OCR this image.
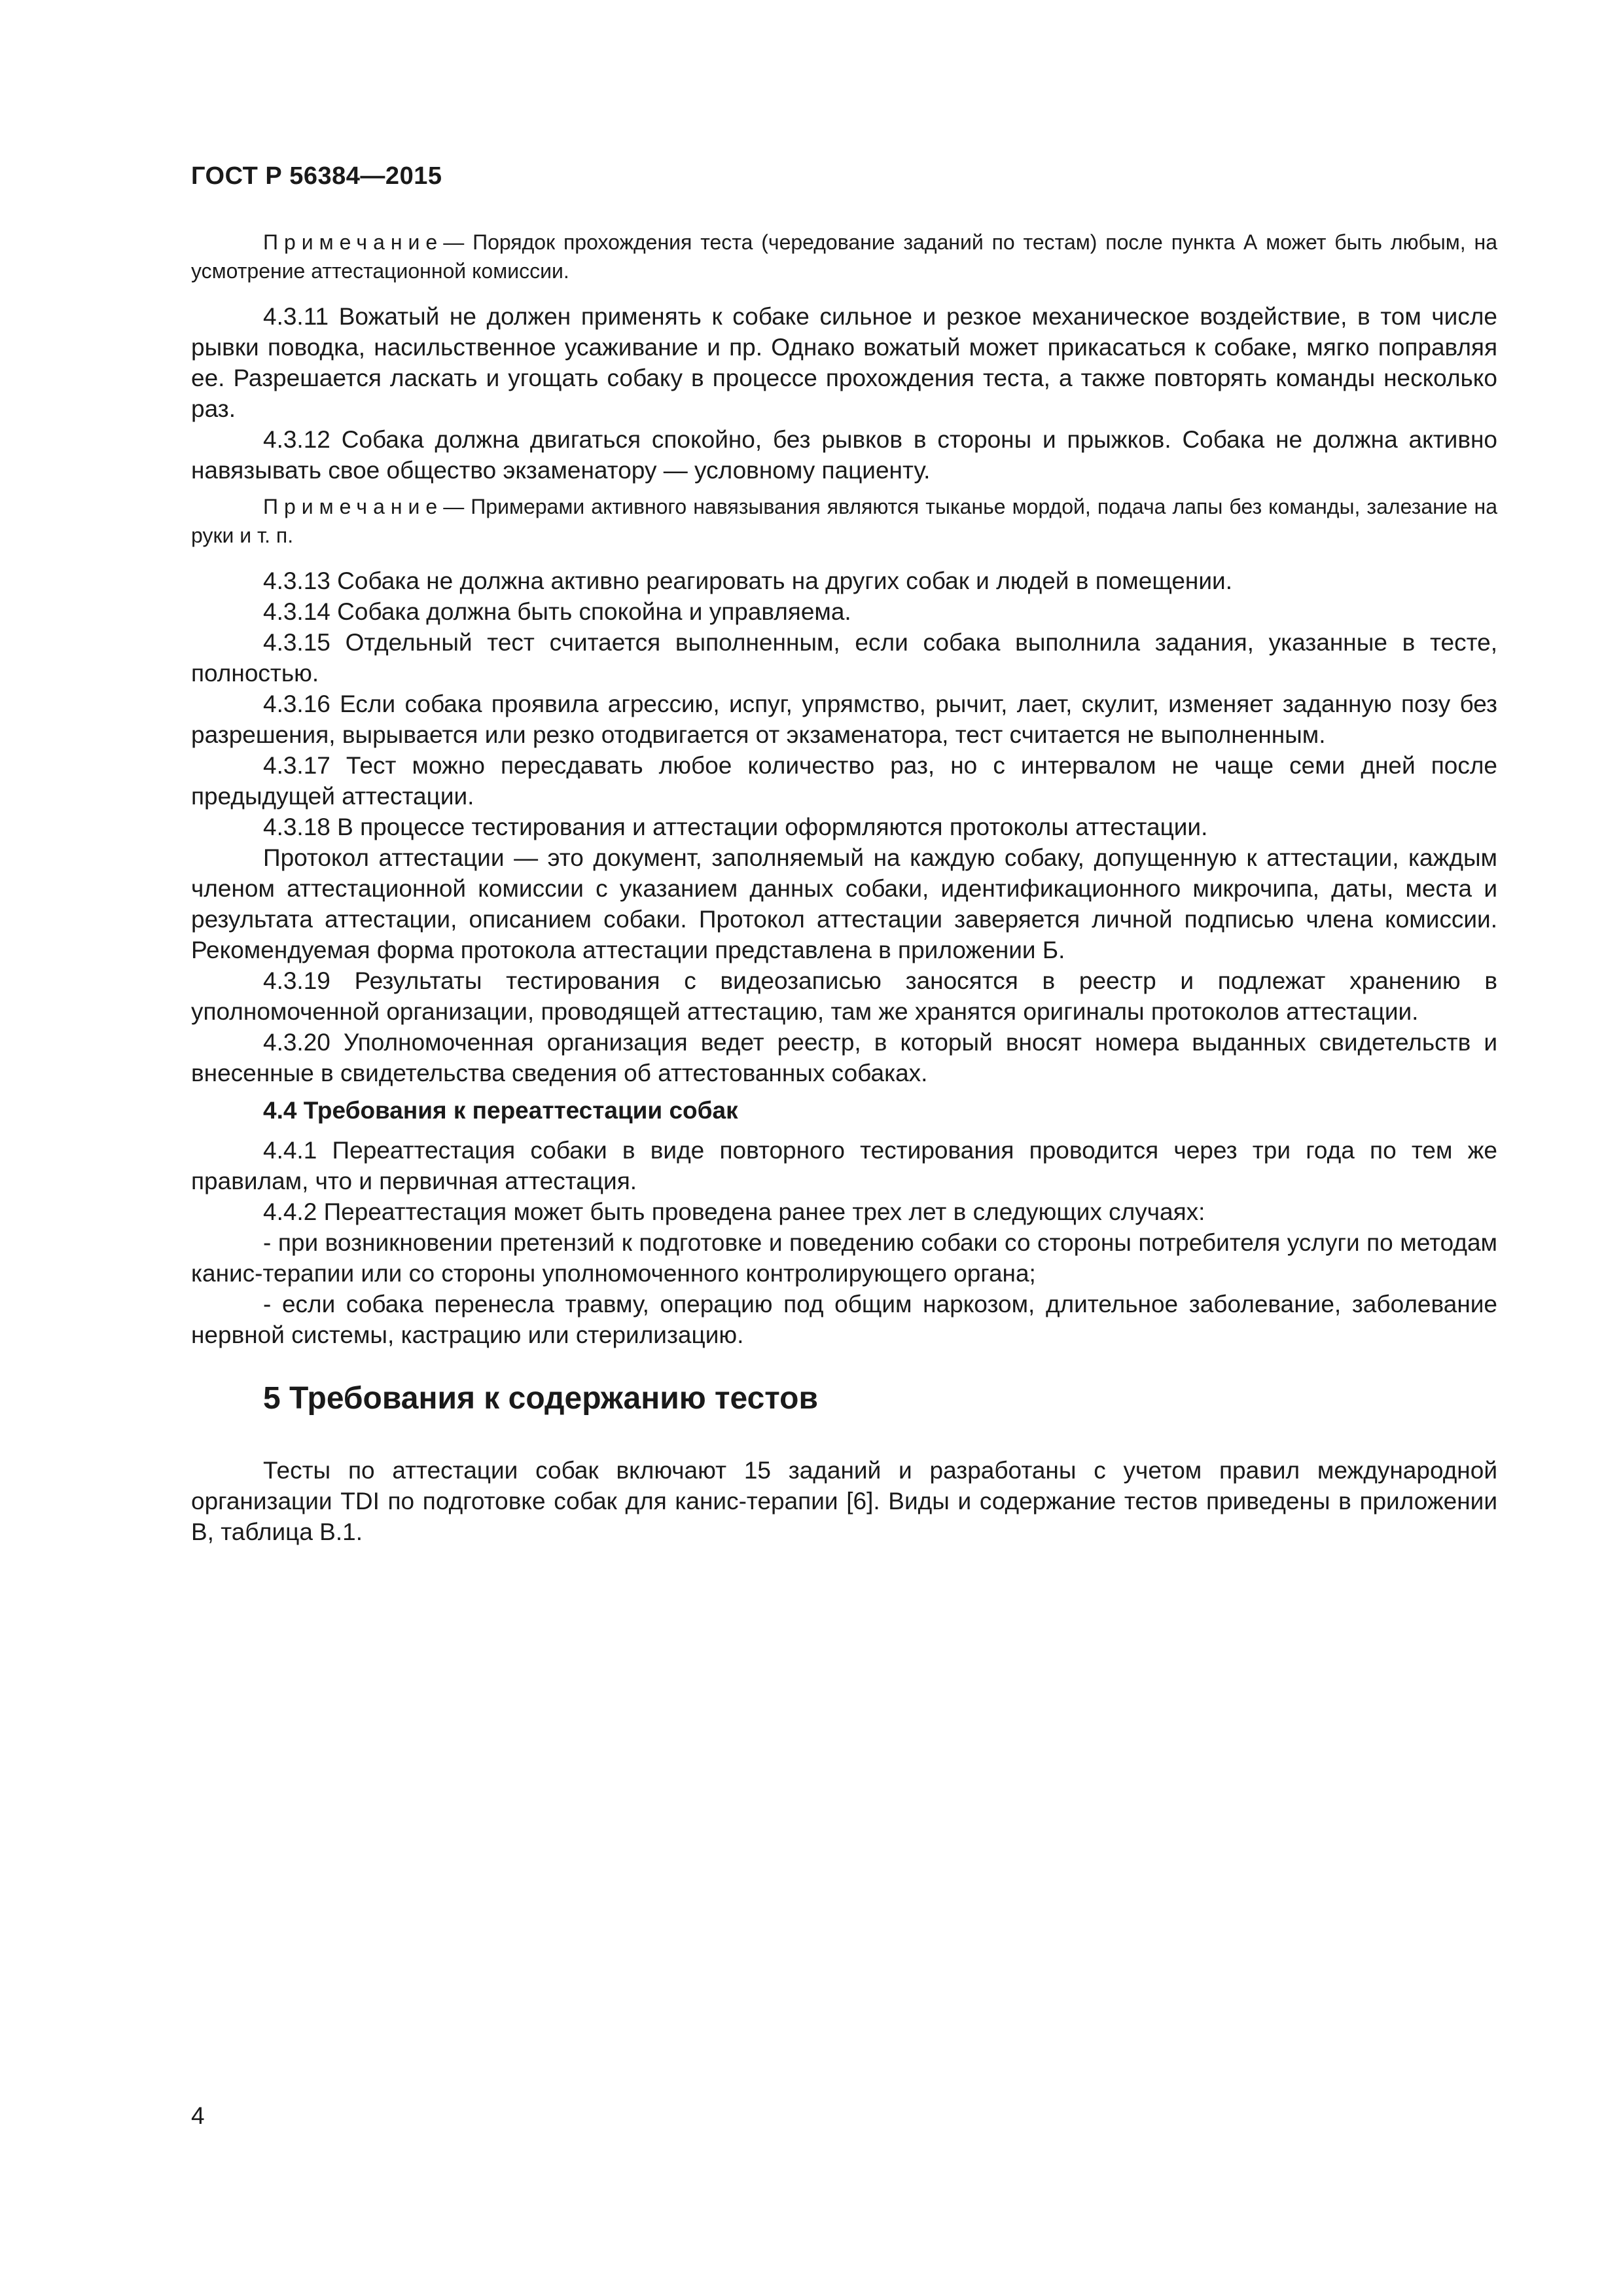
ГОСТ Р 56384—2015

Примечание— Порядок прохождения теста (чередование заданий по тестам) после пункта А может быть любым, на усмотрение аттестационной комиссии.

4.3.11 Вожатый не должен применять к собаке сильное и резкое механическое воздействие, в том числе рывки поводка, насильственное усаживание и пр. Однако вожатый может прикасаться к собаке, мягко поправляя ее. Разрешается ласкать и угощать собаку в процессе прохождения теста, а также повторять команды несколько раз.

4.3.12 Собака должна двигаться спокойно, без рывков в стороны и прыжков. Собака не должна активно навязывать свое общество экзаменатору — условному пациенту.

Примечание— Примерами активного навязывания являются тыканье мордой, подача лапы без команды, залезание на руки и т. п.

4.3.13 Собака не должна активно реагировать на других собак и людей в помещении.

4.3.14 Собака должна быть спокойна и управляема.

4.3.15 Отдельный тест считается выполненным, если собака выполнила задания, указанные в тесте, полностью.

4.3.16 Если собака проявила агрессию, испуг, упрямство, рычит, лает, скулит, изменяет заданную позу без разрешения, вырывается или резко отодвигается от экзаменатора, тест считается не выполненным.

4.3.17 Тест можно пересдавать любое количество раз, но с интервалом не чаще семи дней после предыдущей аттестации.

4.3.18 В процессе тестирования и аттестации оформляются протоколы аттестации.

Протокол аттестации — это документ, заполняемый на каждую собаку, допущенную к аттестации, каждым членом аттестационной комиссии с указанием данных собаки, идентификационного микрочипа, даты, места и результата аттестации, описанием собаки. Протокол аттестации заверяется личной подписью члена комиссии. Рекомендуемая форма протокола аттестации представлена в приложении Б.

4.3.19 Результаты тестирования с видеозаписью заносятся в реестр и подлежат хранению в уполномоченной организации, проводящей аттестацию, там же хранятся оригиналы протоколов аттестации.

4.3.20 Уполномоченная организация ведет реестр, в который вносят номера выданных свидетельств и внесенные в свидетельства сведения об аттестованных собаках.

4.4 Требования к переаттестации собак

4.4.1 Переаттестация собаки в виде повторного тестирования проводится через три года по тем же правилам, что и первичная аттестация.

4.4.2 Переаттестация может быть проведена ранее трех лет в следующих случаях:

- при возникновении претензий к подготовке и поведению собаки со стороны потребителя услуги по методам канис-терапии или со стороны уполномоченного контролирующего органа;

- если собака перенесла травму, операцию под общим наркозом, длительное заболевание, заболевание нервной системы, кастрацию или стерилизацию.

5 Требования к содержанию тестов

Тесты по аттестации собак включают 15 заданий и разработаны с учетом правил международной организации TDI по подготовке собак для канис-терапии [6]. Виды и содержание тестов приведены в приложении В, таблица В.1.

4
